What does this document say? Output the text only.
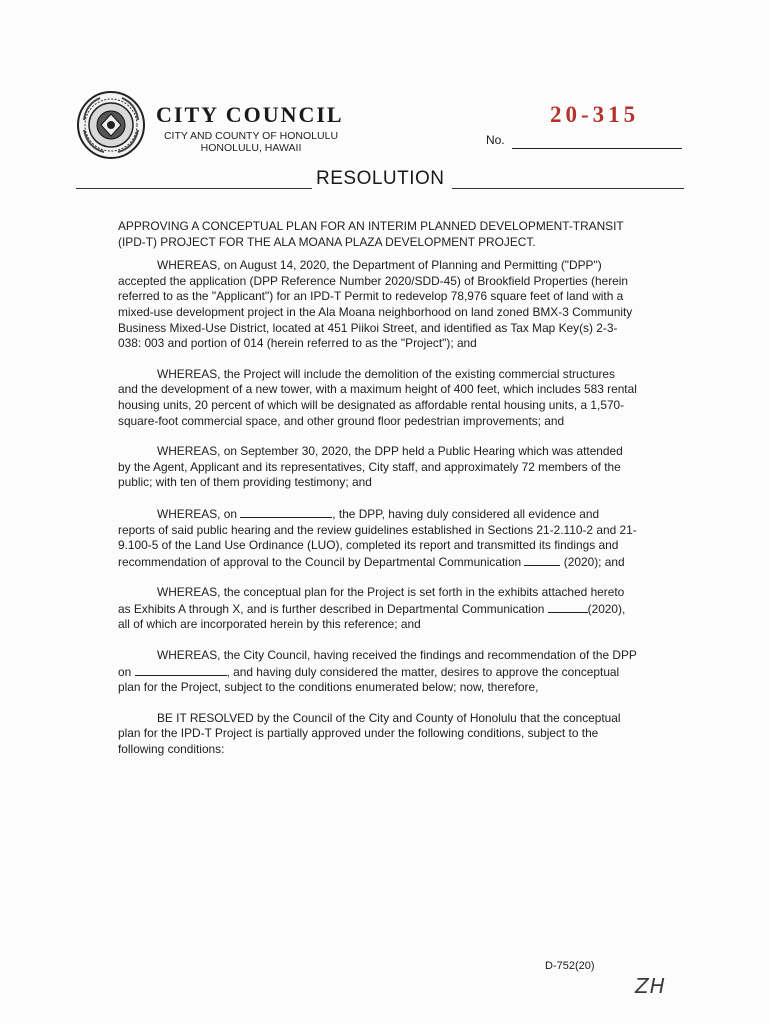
CITY COUNCIL
CITY AND COUNTY OF HONOLULU
HONOLULU, HAWAII
20-315
No.
RESOLUTION

APPROVING A CONCEPTUAL PLAN FOR AN INTERIM PLANNED DEVELOPMENT-TRANSIT (IPD-T) PROJECT FOR THE ALA MOANA PLAZA DEVELOPMENT PROJECT.

WHEREAS, on August 14, 2020, the Department of Planning and Permitting ("DPP") accepted the application (DPP Reference Number 2020/SDD-45) of Brookfield Properties (herein referred to as the "Applicant") for an IPD-T Permit to redevelop 78,976 square feet of land with a mixed-use development project in the Ala Moana neighborhood on land zoned BMX-3 Community Business Mixed-Use District, located at 451 Piikoi Street, and identified as Tax Map Key(s) 2-3-038: 003 and portion of 014 (herein referred to as the "Project"); and

WHEREAS, the Project will include the demolition of the existing commercial structures and the development of a new tower, with a maximum height of 400 feet, which includes 583 rental housing units, 20 percent of which will be designated as affordable rental housing units, a 1,570-square-foot commercial space, and other ground floor pedestrian improvements; and

WHEREAS, on September 30, 2020, the DPP held a Public Hearing which was attended by the Agent, Applicant and its representatives, City staff, and approximately 72 members of the public; with ten of them providing testimony; and

WHEREAS, on	, the DPP, having duly considered all evidence and reports of said public hearing and the review guidelines established in Sections 21-2.110-2 and 21-9.100-5 of the Land Use Ordinance (LUO), completed its report and transmitted its findings and recommendation of approval to the Council by Departmental Communication	(2020); and

WHEREAS, the conceptual plan for the Project is set forth in the exhibits attached hereto as Exhibits A through X, and is further described in Departmental Communication	(2020), all of which are incorporated herein by this reference; and

WHEREAS, the City Council, having received the findings and recommendation of the DPP on	, and having duly considered the matter, desires to approve the conceptual plan for the Project, subject to the conditions enumerated below; now, therefore,

BE IT RESOLVED by the Council of the City and County of Honolulu that the conceptual plan for the IPD-T Project is partially approved under the following conditions, subject to the following conditions:

D-752(20)
ZH
